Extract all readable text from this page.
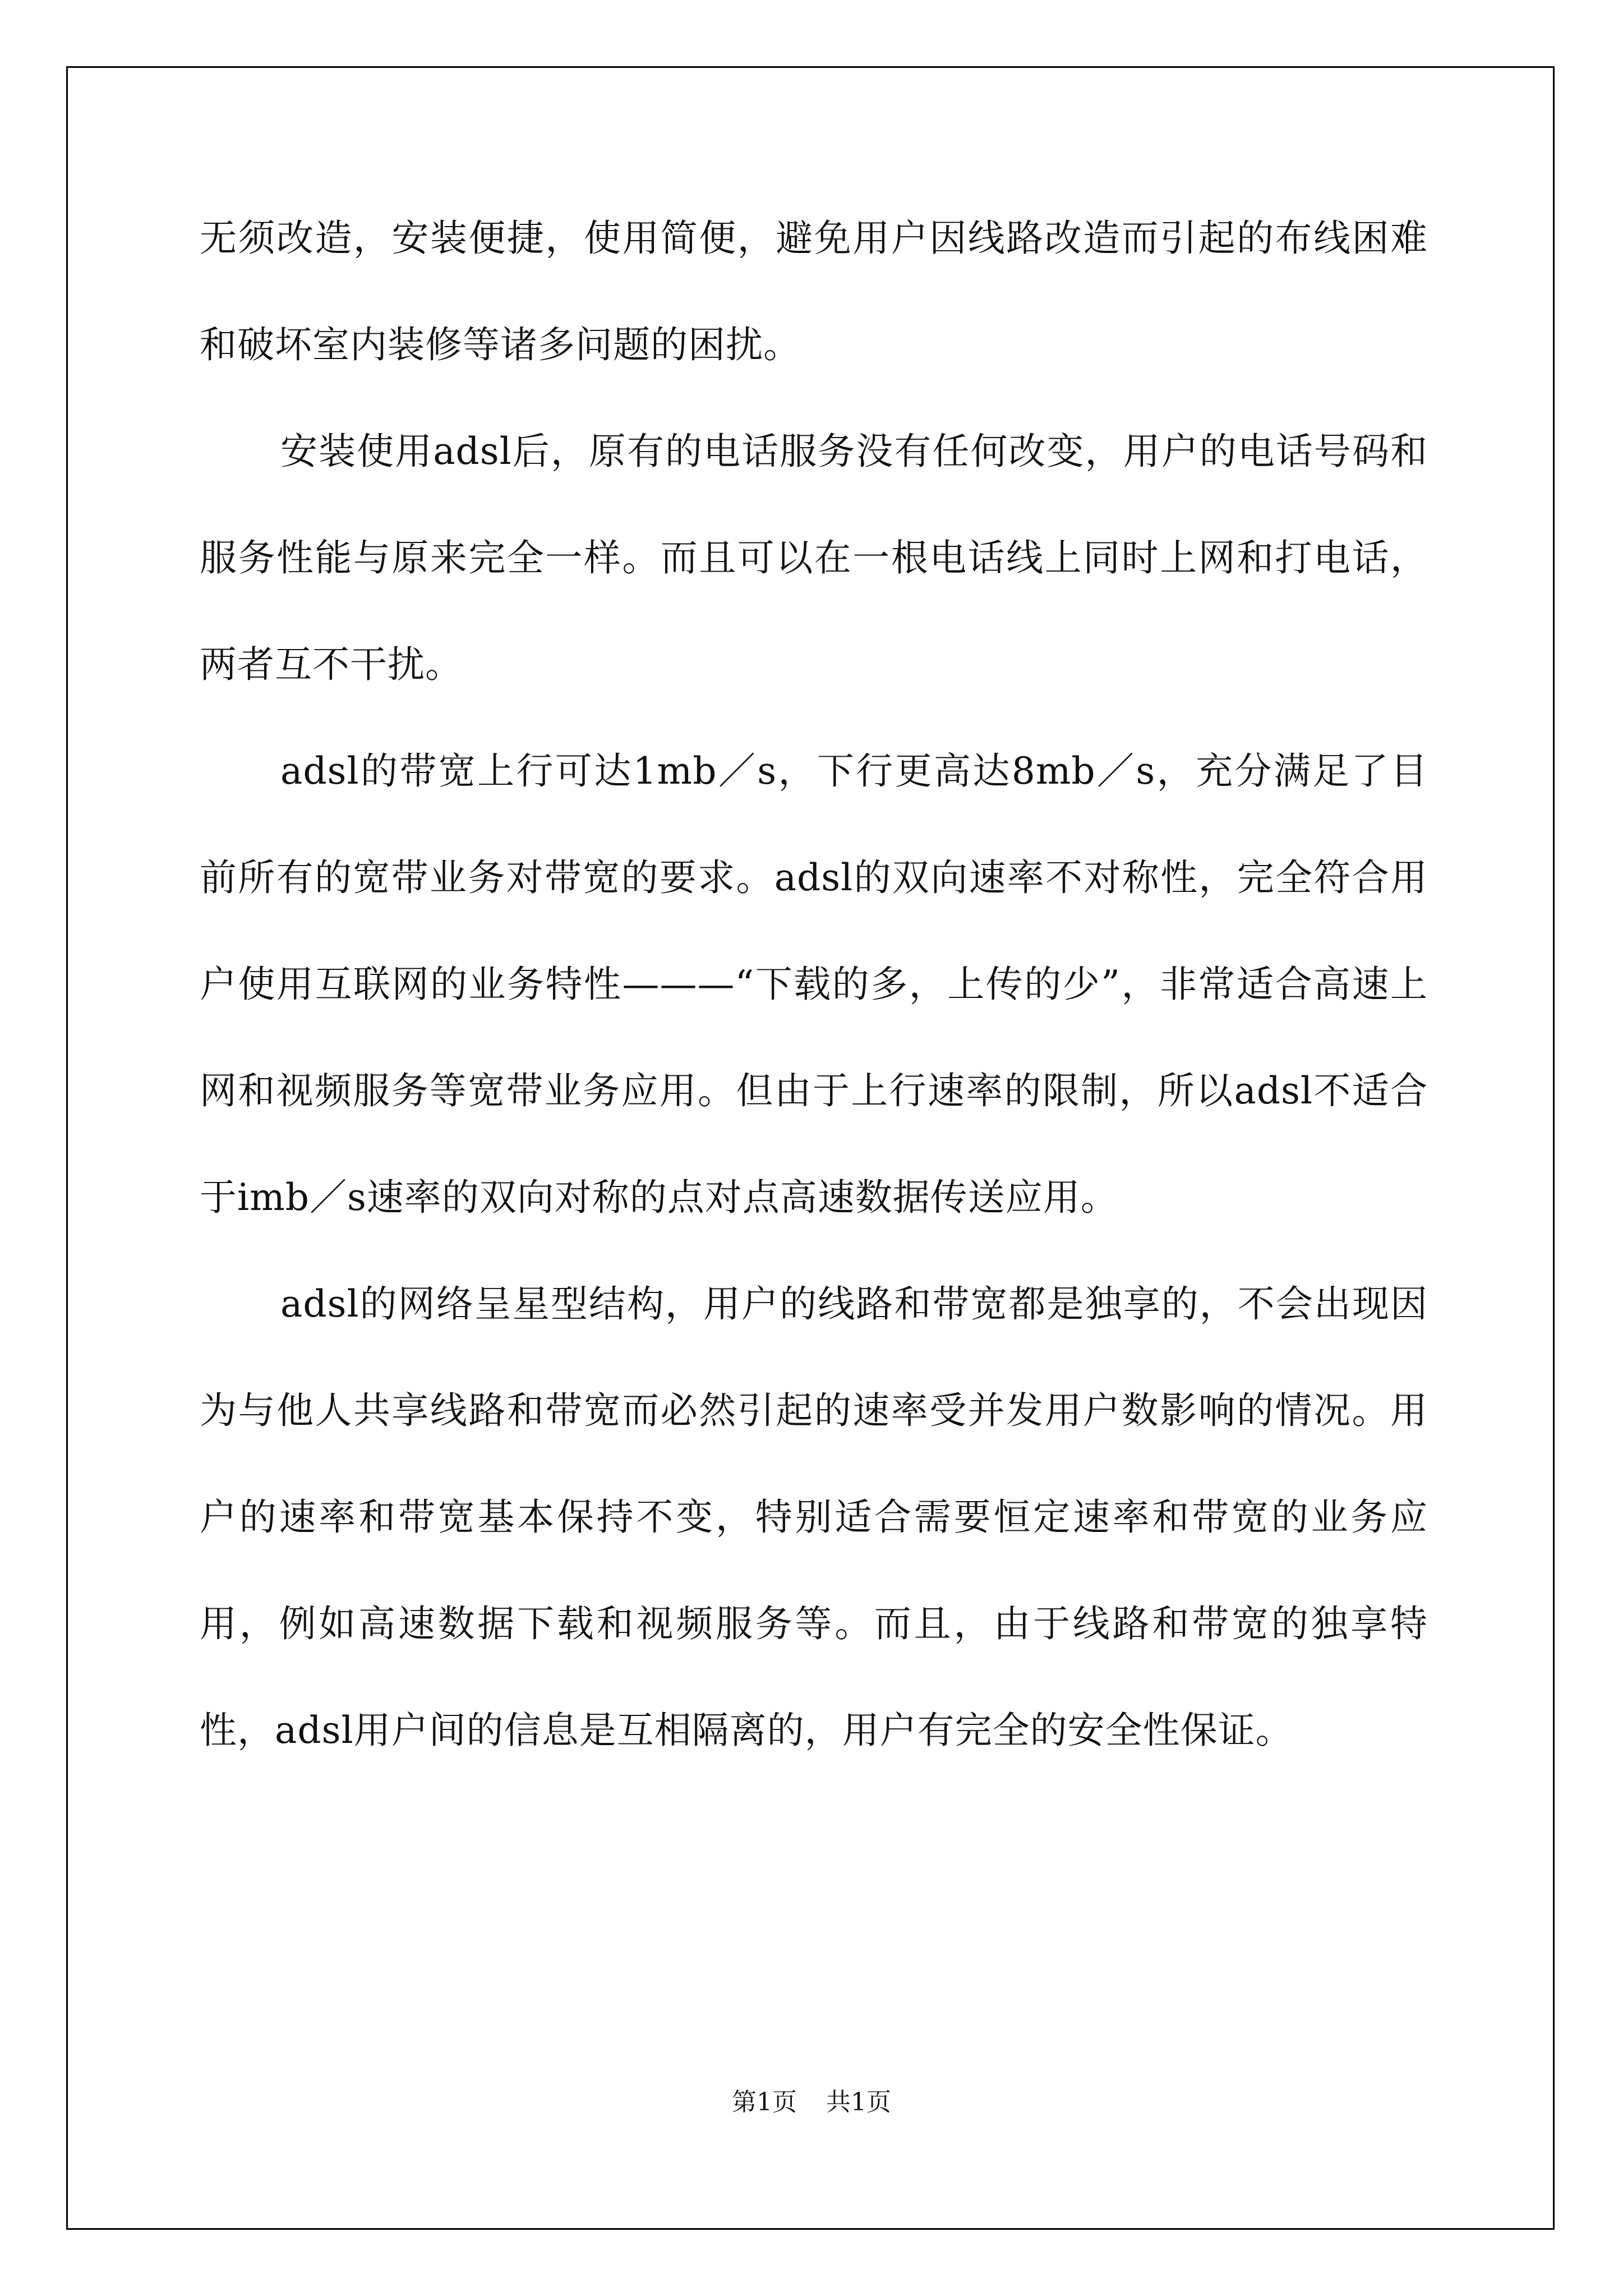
无须改造，安装便捷，使用简便，避免用户因线路改造而引起的布线困难和破坏室内装修等诸多问题的困扰。

安装使用adsl后，原有的电话服务没有任何改变，用户的电话号码和服务性能与原来完全一样。而且可以在一根电话线上同时上网和打电话，两者互不干扰。

adsl的带宽上行可达1mb／s，下行更高达8mb／s，充分满足了目前所有的宽带业务对带宽的要求。adsl的双向速率不对称性，完全符合用户使用互联网的业务特性———“下载的多，上传的少”，非常适合高速上网和视频服务等宽带业务应用。但由于上行速率的限制，所以adsl不适合于imb／s速率的双向对称的点对点高速数据传送应用。

adsl的网络呈星型结构，用户的线路和带宽都是独享的，不会出现因为与他人共享线路和带宽而必然引起的速率受并发用户数影响的情况。用户的速率和带宽基本保持不变，特别适合需要恒定速率和带宽的业务应用，例如高速数据下载和视频服务等。而且，由于线路和带宽的独享特性，adsl用户间的信息是互相隔离的，用户有完全的安全性保证。

第1页 共1页
